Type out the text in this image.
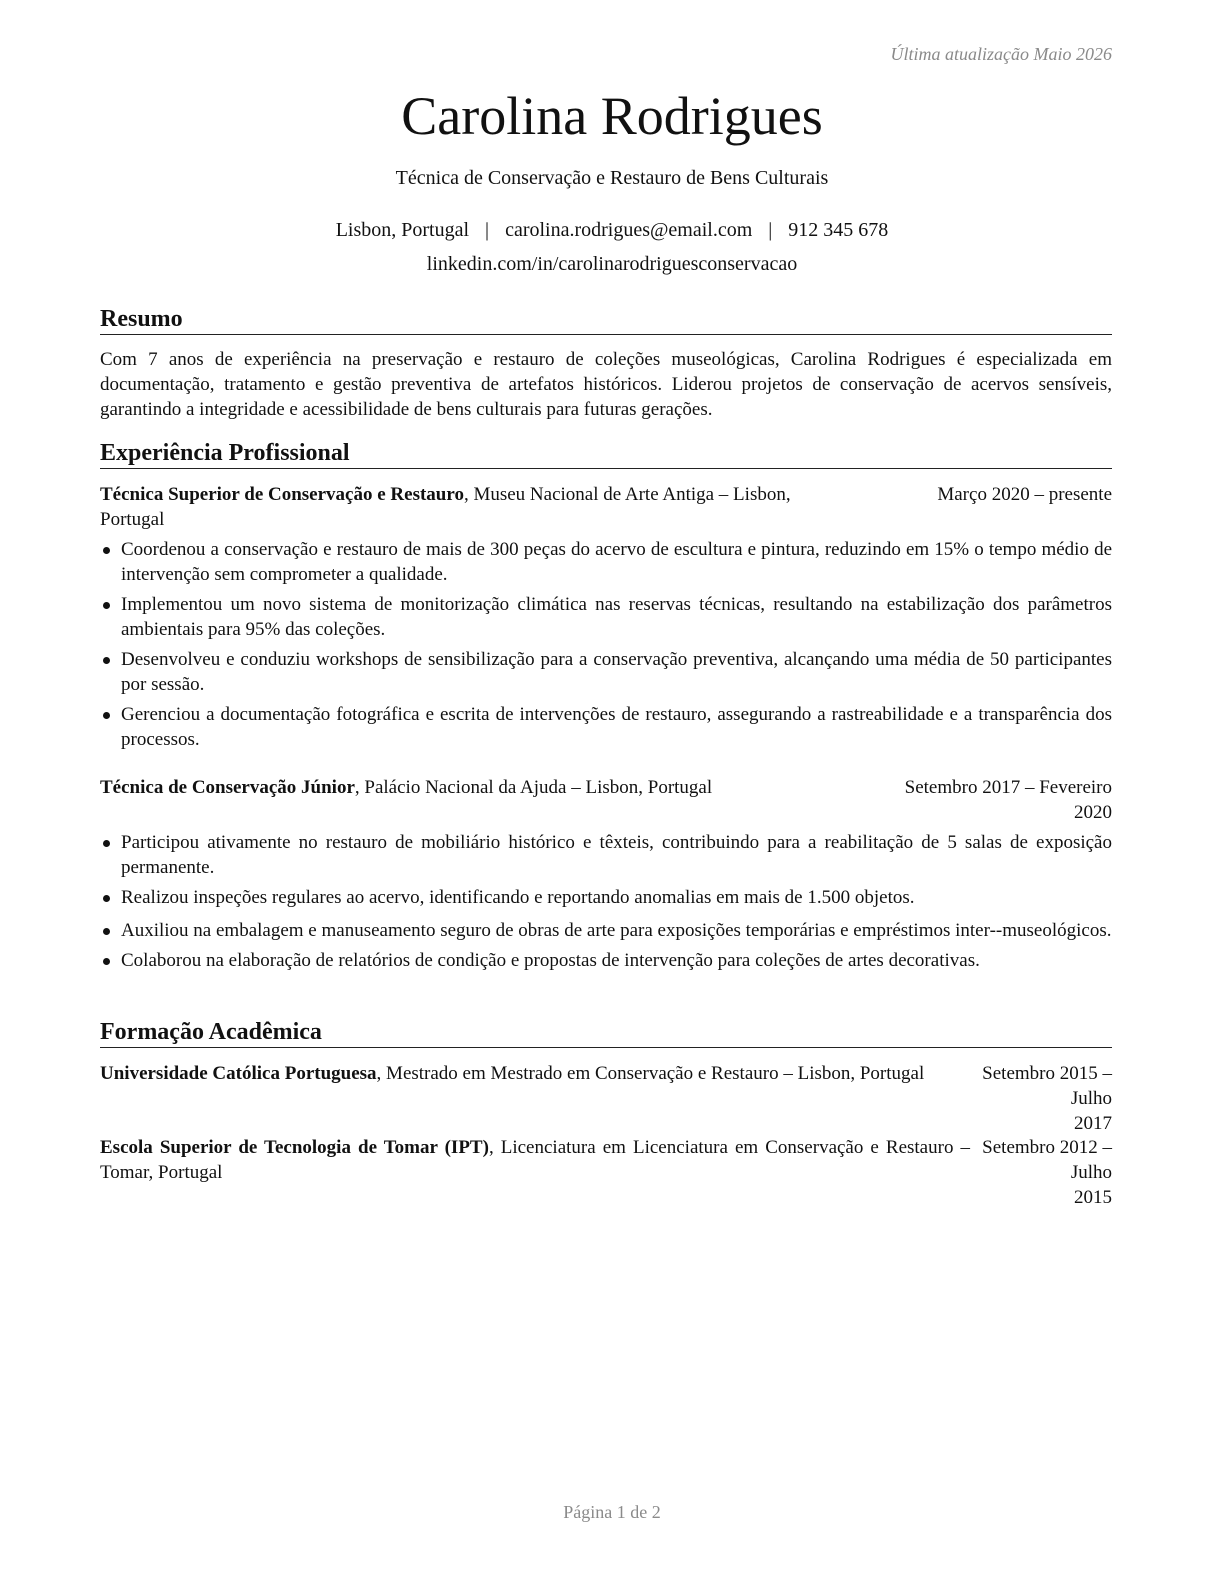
Última atualização Maio 2026
Carolina Rodrigues
Técnica de Conservação e Restauro de Bens Culturais
Lisbon, Portugal | carolina.rodrigues@email.com | 912 345 678
linkedin.com/in/carolinarodriguesconservacao
Resumo
Com 7 anos de experiência na preservação e restauro de coleções museológicas, Carolina Rodrigues é especializada em documentação, tratamento e gestão preventiva de artefatos históricos. Liderou projetos de conservação de acervos sensíveis, garantindo a integridade e acessibilidade de bens culturais para futuras gerações.
Experiência Profissional
Técnica Superior de Conservação e Restauro, Museu Nacional de Arte Antiga – Lisbon,
Portugal
Março 2020 – presente
Coordenou a conservação e restauro de mais de 300 peças do acervo de escultura e pintura, reduzindo em 15% o tempo médio de intervenção sem comprometer a qualidade.
Implementou um novo sistema de monitorização climática nas reservas técnicas, resultando na estabilização dos parâmetros ambientais para 95% das coleções.
Desenvolveu e conduziu workshops de sensibilização para a conservação preventiva, alcançando uma média de 50 participantes por sessão.
Gerenciou a documentação fotográfica e escrita de intervenções de restauro, assegurando a rastreabilidade e a transparência dos processos.
Técnica de Conservação Júnior, Palácio Nacional da Ajuda – Lisbon, Portugal	Setembro 2017 – Fevereiro
2020
Participou ativamente no restauro de mobiliário histórico e têxteis, contribuindo para a reabilitação de 5 salas de exposição permanente.
Realizou inspeções regulares ao acervo, identificando e reportando anomalias em mais de 1.500 objetos.
Auxiliou na embalagem e manuseamento seguro de obras de arte para exposições temporárias e empréstimos inter--museológicos.
Colaborou na elaboração de relatórios de condição e propostas de intervenção para coleções de artes decorativas.
Formação Acadêmica
Universidade Católica Portuguesa, Mestrado em Mestrado em Conservação e Restauro – Lisbon, Portugal	Setembro 2015 – Julho
2017
Escola Superior de Tecnologia de Tomar (IPT), Licenciatura em Licenciatura em Conservação e Restauro – Tomar, Portugal
Setembro 2012 – Julho
2015
Página 1 de 2
